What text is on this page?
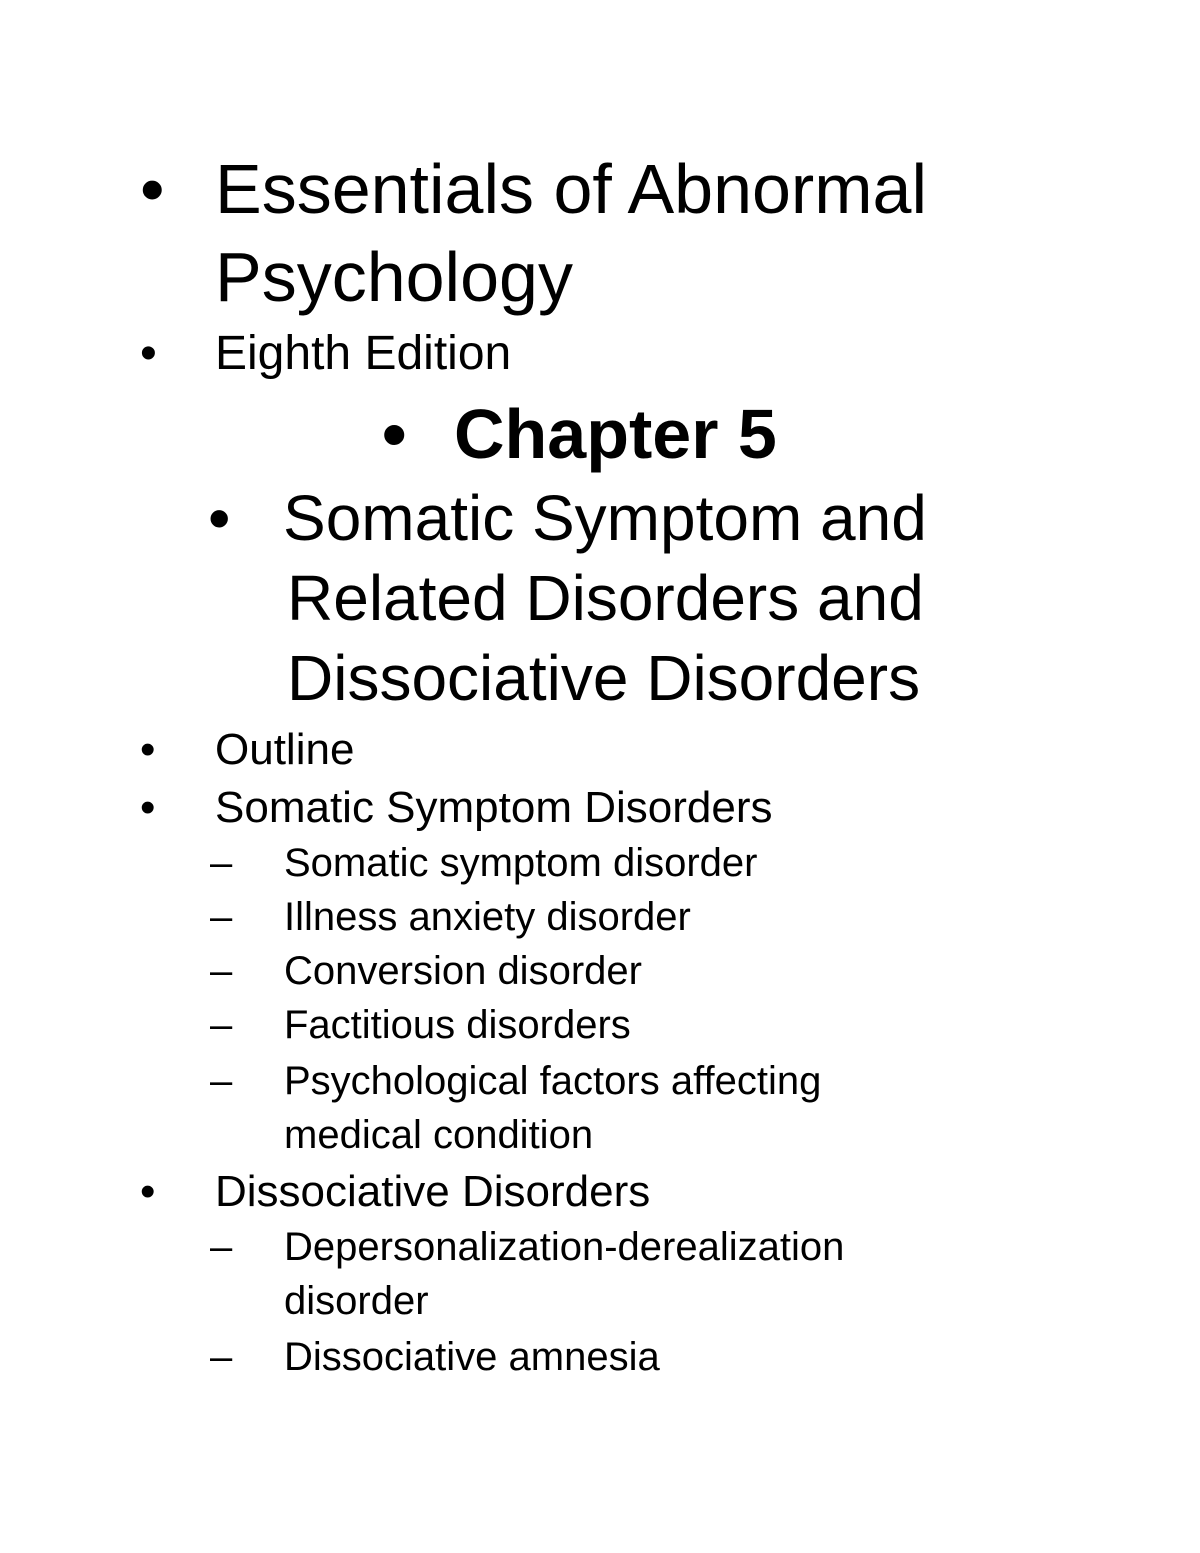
• Essentials of Abnormal
Psychology
• Eighth Edition
• Chapter 5
• Somatic Symptom and
Related Disorders and
Dissociative Disorders
• Outline
• Somatic Symptom Disorders
– Somatic symptom disorder
– Illness anxiety disorder
– Conversion disorder
– Factitious disorders
– Psychological factors affecting
medical condition
• Dissociative Disorders
– Depersonalization-derealization
disorder
– Dissociative amnesia
